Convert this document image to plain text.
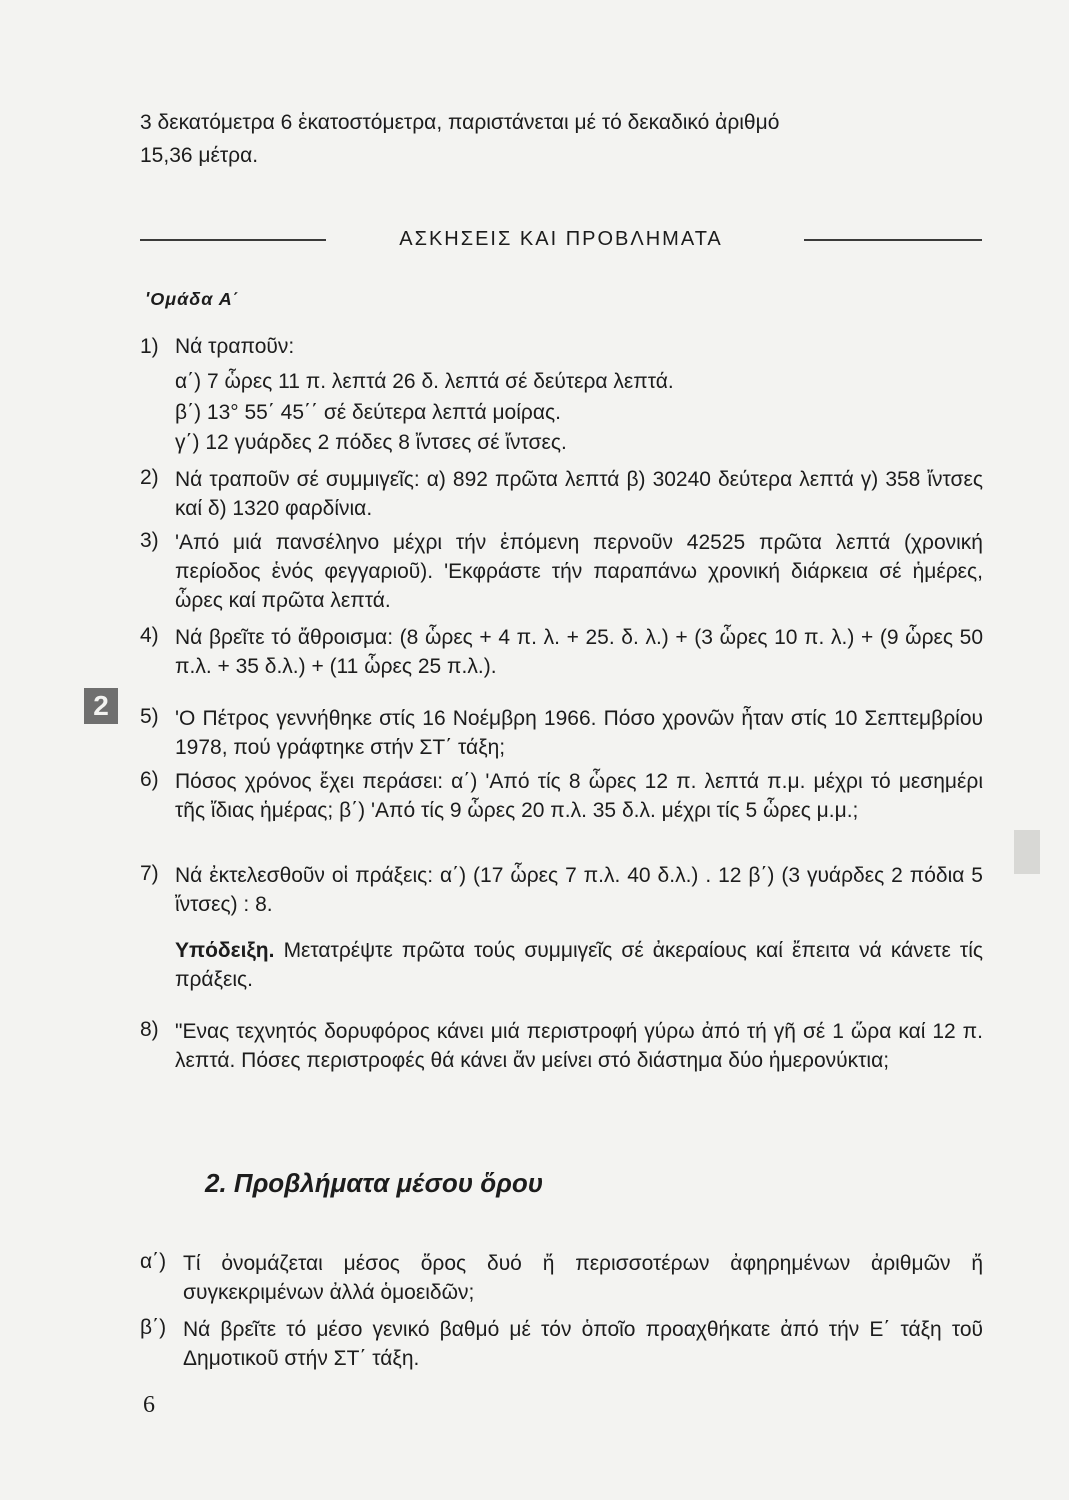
3 δεκατόμετρα 6 ἑκατοστόμετρα, παριστάνεται μέ τό δεκαδικό ἀριθμό
15,36 μέτρα.
ΑΣΚΗΣΕΙΣ ΚΑΙ ΠΡΟΒΛΗΜΑΤΑ
'Ομάδα Α΄
1) Νά τραποῦν:
α΄) 7 ὧρες 11 π. λεπτά 26 δ. λεπτά σέ δεύτερα λεπτά.
β΄) 13° 55΄ 45΄΄ σέ δεύτερα λεπτά μοίρας.
γ΄) 12 γυάρδες 2 πόδες 8 ἴντσες σέ ἴντσες.
2) Νά τραποῦν σέ συμμιγεῖς: α) 892 πρῶτα λεπτά β) 30240 δεύτερα λεπτά γ) 358 ἴντσες καί δ) 1320 φαρδίνια.
3) 'Από μιά πανσέληνο μέχρι τήν ἑπόμενη περνοῦν 42525 πρῶτα λεπτά (χρονική περίοδος ἑνός φεγγαριοῦ). 'Εκφράστε τήν παραπάνω χρονική διάρκεια σέ ἡμέρες, ὧρες καί πρῶτα λεπτά.
4) Νά βρεῖτε τό ἄθροισμα: (8 ὧρες + 4 π. λ. + 25. δ. λ.) + (3 ὧρες 10 π. λ.) + (9 ὧρες 50 π.λ. + 35 δ.λ.) + (11 ὧρες 25 π.λ.).
2	5) 'Ο Πέτρος γεννήθηκε στίς 16 Νοέμβρη 1966. Πόσο χρονῶν ἦταν στίς 10 Σεπτεμβρίου 1978, πού γράφτηκε στήν ΣΤ΄ τάξη;
6) Πόσος χρόνος ἔχει περάσει: α΄) 'Από τίς 8 ὧρες 12 π. λεπτά π.μ. μέχρι τό μεσημέρι τῆς ἴδιας ἡμέρας; β΄) 'Από τίς 9 ὧρες 20 π.λ. 35 δ.λ. μέχρι τίς 5 ὧρες μ.μ.;
7) Νά ἐκτελεσθοῦν οἱ πράξεις: α΄) (17 ὧρες 7 π.λ. 40 δ.λ.) . 12 β΄) (3 γυάρδες 2 πόδια 5 ἴντσες) : 8.
Υπόδειξη. Μετατρέψτε πρῶτα τούς συμμιγεῖς σέ ἀκεραίους καί ἔπειτα νά κάνετε τίς πράξεις.
8) "Ενας τεχνητός δορυφόρος κάνει μιά περιστροφή γύρω ἀπό τή γῆ σέ 1 ὥρα καί 12 π. λεπτά. Πόσες περιστροφές θά κάνει ἄν μείνει στό διάστημα δύο ἡμερονύκτια;
2. Προβλήματα μέσου ὅρου
α΄) Τί ὀνομάζεται μέσος ὅρος δυό ἤ περισσοτέρων ἀφηρημένων ἀριθμῶν ἤ συγκεκριμένων ἀλλά ὁμοειδῶν;
β΄) Νά βρεῖτε τό μέσο γενικό βαθμό μέ τόν ὁποῖο προαχθήκατε ἀπό τήν Ε΄ τάξη τοῦ Δημοτικοῦ στήν ΣΤ΄ τάξη.
6
